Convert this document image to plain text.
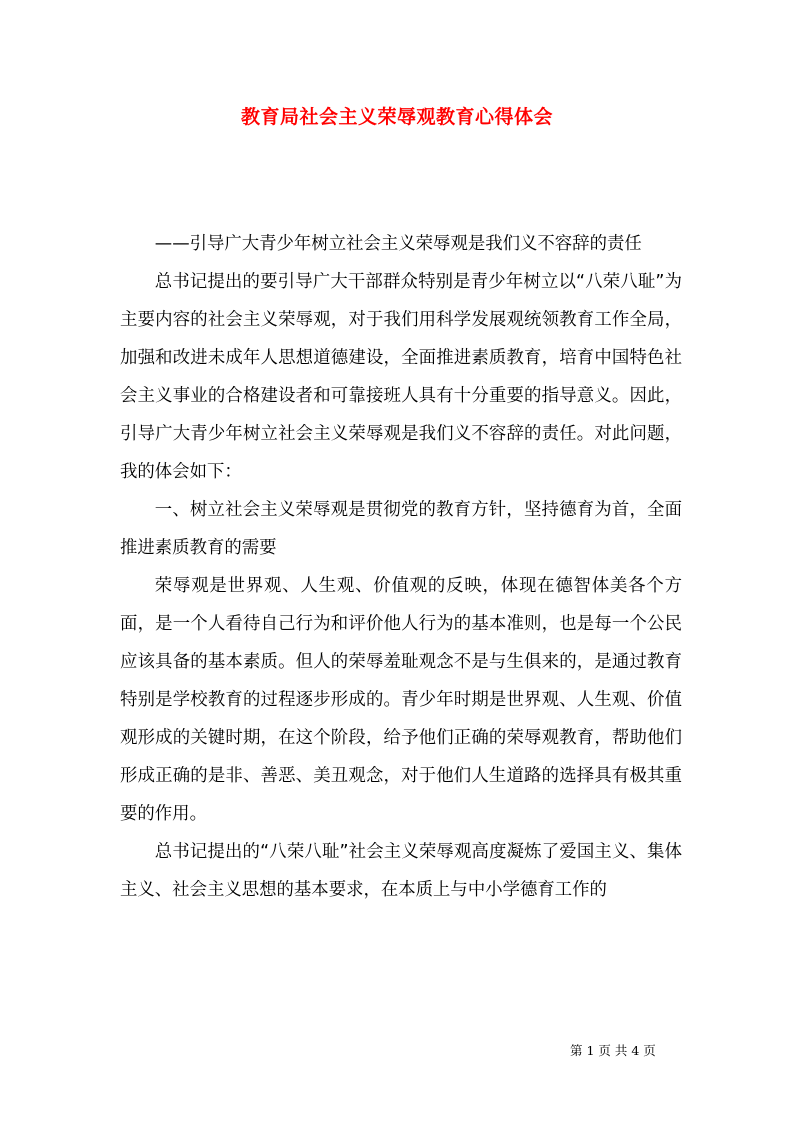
教育局社会主义荣辱观教育心得体会

——引导广大青少年树立社会主义荣辱观是我们义不容辞的责任

总书记提出的要引导广大干部群众特别是青少年树立以“八荣八耻”为主要内容的社会主义荣辱观，对于我们用科学发展观统领教育工作全局，加强和改进未成年人思想道德建设，全面推进素质教育，培育中国特色社会主义事业的合格建设者和可靠接班人具有十分重要的指导意义。因此，引导广大青少年树立社会主义荣辱观是我们义不容辞的责任。对此问题，我的体会如下：

一、树立社会主义荣辱观是贯彻党的教育方针，坚持德育为首，全面推进素质教育的需要

荣辱观是世界观、人生观、价值观的反映，体现在德智体美各个方面，是一个人看待自己行为和评价他人行为的基本准则，也是每一个公民应该具备的基本素质。但人的荣辱羞耻观念不是与生俱来的，是通过教育特别是学校教育的过程逐步形成的。青少年时期是世界观、人生观、价值观形成的关键时期，在这个阶段，给予他们正确的荣辱观教育，帮助他们形成正确的是非、善恶、美丑观念，对于他们人生道路的选择具有极其重要的作用。

总书记提出的“八荣八耻”社会主义荣辱观高度凝炼了爱国主义、集体主义、社会主义思想的基本要求，在本质上与中小学德育工作的

第 1 页 共 4 页
